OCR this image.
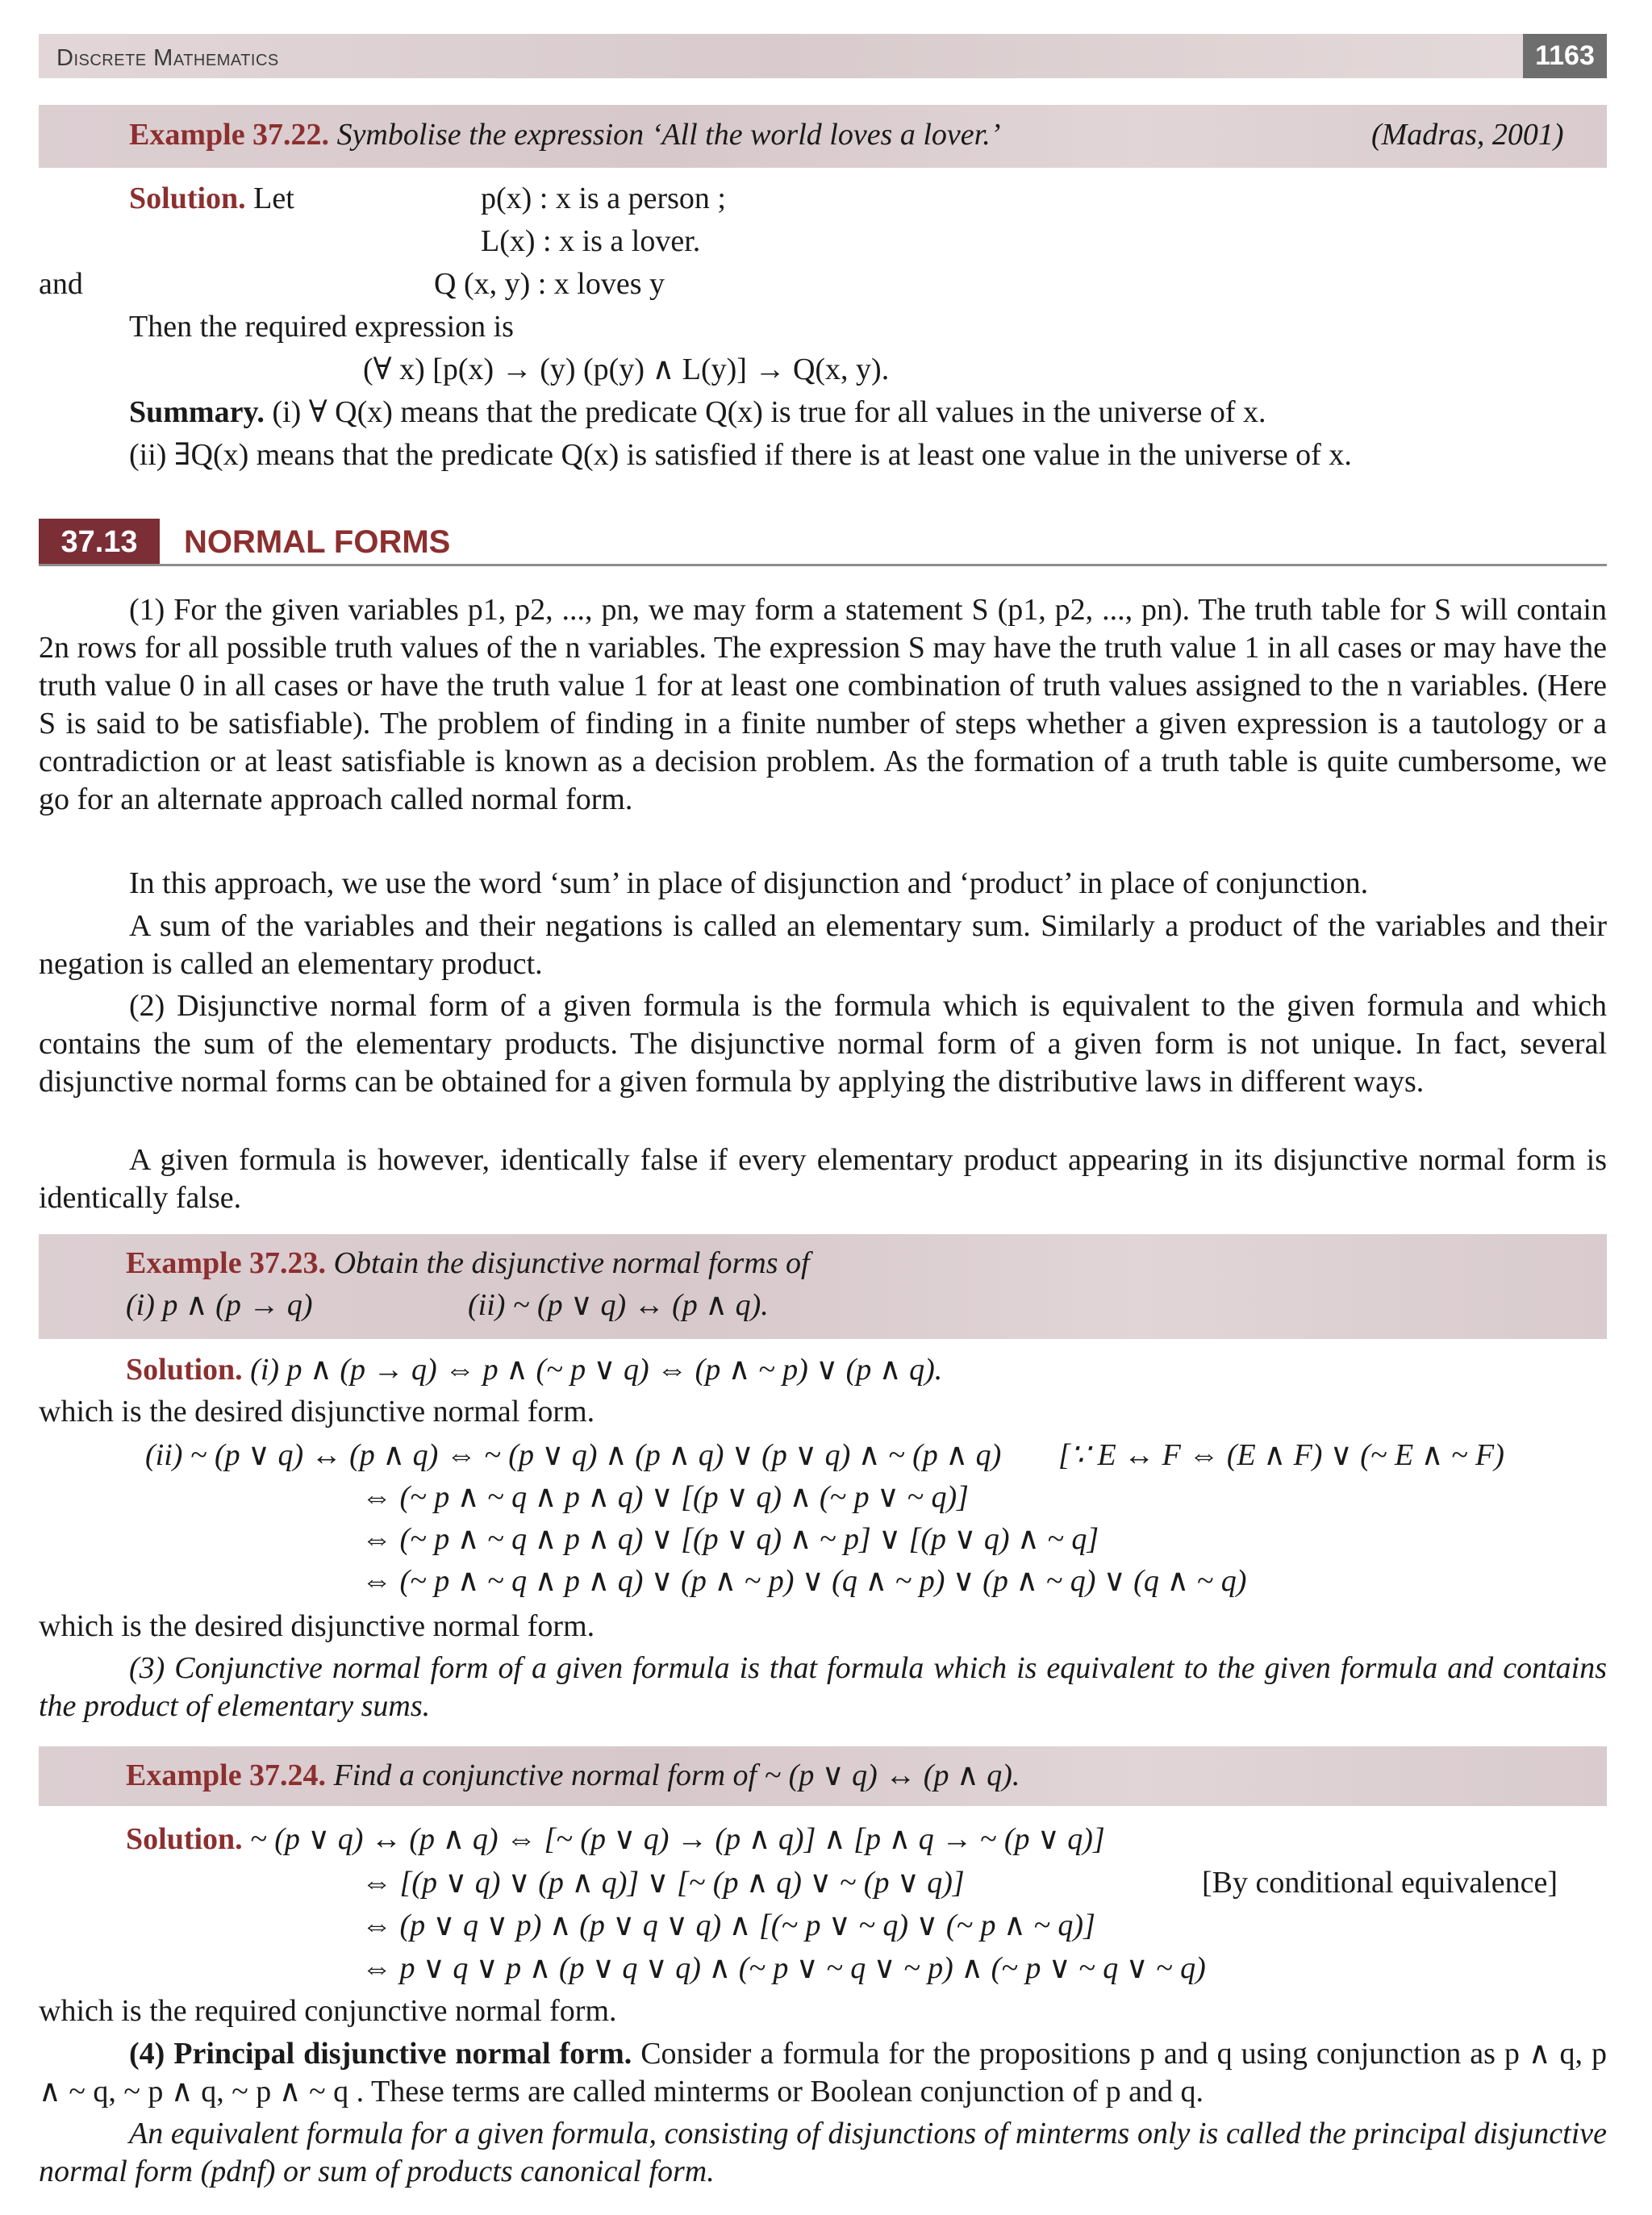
Discrete Mathematics	1163
Example 37.22. Symbolise the expression ‘All the world loves a lover.’	(Madras, 2001)
Solution. Let	p(x) : x is a person ;
L(x) : x is a lover.
and	Q (x, y) : x loves y
Then the required expression is
(∀ x) [p(x) → (y) (p(y) ∧ L(y)] → Q(x, y).
Summary. (i) ∀ Q(x) means that the predicate Q(x) is true for all values in the universe of x.
(ii) ∃Q(x) means that the predicate Q(x) is satisfied if there is at least one value in the universe of x.
37.13	NORMAL FORMS
(1) For the given variables p1, p2, ..., pn, we may form a statement S (p1, p2, ..., pn). The truth table for S will contain 2n rows for all possible truth values of the n variables. The expression S may have the truth value 1 in all cases or may have the truth value 0 in all cases or have the truth value 1 for at least one combination of truth values assigned to the n variables. (Here S is said to be satisfiable). The problem of finding in a finite number of steps whether a given expression is a tautology or a contradiction or at least satisfiable is known as a decision problem. As the formation of a truth table is quite cumbersome, we go for an alternate approach called normal form.
In this approach, we use the word ‘sum’ in place of disjunction and ‘product’ in place of conjunction.
A sum of the variables and their negations is called an elementary sum. Similarly a product of the variables and their negation is called an elementary product.
(2) Disjunctive normal form of a given formula is the formula which is equivalent to the given formula and which contains the sum of the elementary products. The disjunctive normal form of a given form is not unique. In fact, several disjunctive normal forms can be obtained for a given formula by applying the distributive laws in different ways.
A given formula is however, identically false if every elementary product appearing in its disjunctive normal form is identically false.
Example 37.23. Obtain the disjunctive normal forms of
(i) p ∧ (p → q)	(ii) ~ (p ∨ q) ↔ (p ∧ q).
Solution. (i) p ∧ (p → q) ⇔ p ∧ (~ p ∨ q) ⇔ (p ∧ ~ p) ∨ (p ∧ q).
which is the desired disjunctive normal form.
(ii) ~ (p ∨ q) ↔ (p ∧ q) ⇔ ~ (p ∨ q) ∧ (p ∧ q) ∨ (p ∨ q) ∧ ~ (p ∧ q) [∵ E ↔ F ⇔ (E ∧ F) ∨ (~ E ∧ ~ F)
⇔ (~ p ∧ ~ q ∧ p ∧ q) ∨ [(p ∨ q) ∧ (~ p ∨ ~ q)]
⇔ (~ p ∧ ~ q ∧ p ∧ q) ∨ [(p ∨ q) ∧ ~ p] ∨ [(p ∨ q) ∧ ~ q]
⇔ (~ p ∧ ~ q ∧ p ∧ q) ∨ (p ∧ ~ p) ∨ (q ∧ ~ p) ∨ (p ∧ ~ q) ∨ (q ∧ ~ q)
which is the desired disjunctive normal form.
(3) Conjunctive normal form of a given formula is that formula which is equivalent to the given formula and contains the product of elementary sums.
Example 37.24. Find a conjunctive normal form of ~ (p ∨ q) ↔ (p ∧ q).
Solution. ~ (p ∨ q) ↔ (p ∧ q) ⇔ [~ (p ∨ q) → (p ∧ q)] ∧ [p ∧ q → ~ (p ∨ q)]
⇔ [(p ∨ q) ∨ (p ∧ q)] ∨ [~ (p ∧ q) ∨ ~ (p ∨ q)]	[By conditional equivalence]
⇔ (p ∨ q ∨ p) ∧ (p ∨ q ∨ q) ∧ [(~ p ∨ ~ q) ∨ (~ p ∧ ~ q)]
⇔ p ∨ q ∨ p ∧ (p ∨ q ∨ q) ∧ (~ p ∨ ~ q ∨ ~ p) ∧ (~ p ∨ ~ q ∨ ~ q)
which is the required conjunctive normal form.
(4) Principal disjunctive normal form. Consider a formula for the propositions p and q using conjunction as p ∧ q, p ∧ ~ q, ~ p ∧ q, ~ p ∧ ~ q . These terms are called minterms or Boolean conjunction of p and q.
An equivalent formula for a given formula, consisting of disjunctions of minterms only is called the principal disjunctive normal form (pdnf) or sum of products canonical form.
